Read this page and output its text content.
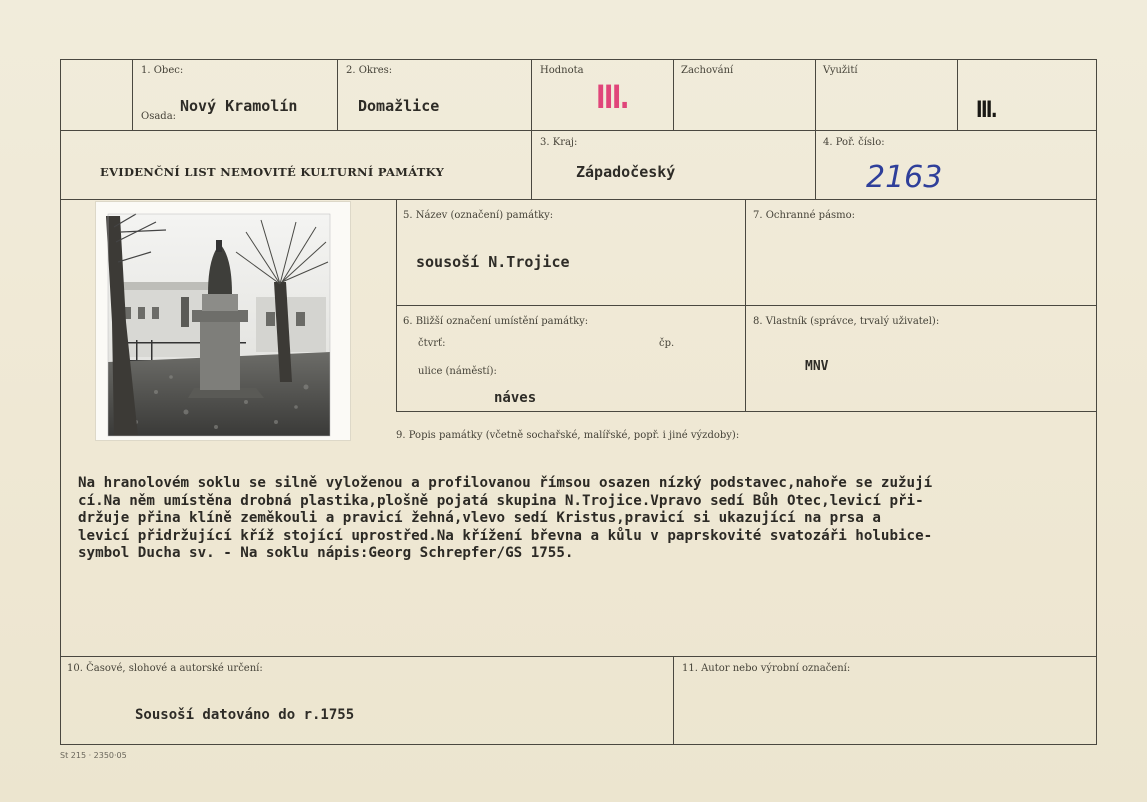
1. Obec:
Osada:
Nový Kramolín
2. Okres:
Domažlice
Hodnota
III.
Zachování	Využití
III.
EVIDENČNÍ LIST NEMOVITÉ KULTURNÍ PAMÁTKY
3. Kraj:
Západočeský
4. Poř. číslo:
2163
5. Název (označení) památky:
sousoší N.Trojice
7. Ochranné pásmo:
6. Bližší označení umístění památky:
čtvrť:	čp.
ulice (náměstí):
náves
8. Vlastník (správce, trvalý uživatel):
MNV
9. Popis památky (včetně sochařské, malířské, popř. i jiné výzdoby):
Na hranolovém soklu se silně vyloženou a profilovanou římsou osazen nízký podstavec,nahoře se zužují
cí.Na něm umístěna drobná plastika,plošně pojatá skupina N.Trojice.Vpravo sedí Bůh Otec,levicí při-
držuje přina klíně zeměkouli a pravicí žehná,vlevo sedí Kristus,pravicí si ukazující na prsa a
levicí přidržující kříž stojící uprostřed.Na křížení břevna a kůlu v paprskovité svatozáři holubice-
symbol Ducha sv. - Na soklu nápis:Georg Schrepfer/GS 1755.
10. Časové, slohové a autorské určení:
Sousoší datováno do r.1755
11. Autor nebo výrobní označení:
St 215 · 2350·05
